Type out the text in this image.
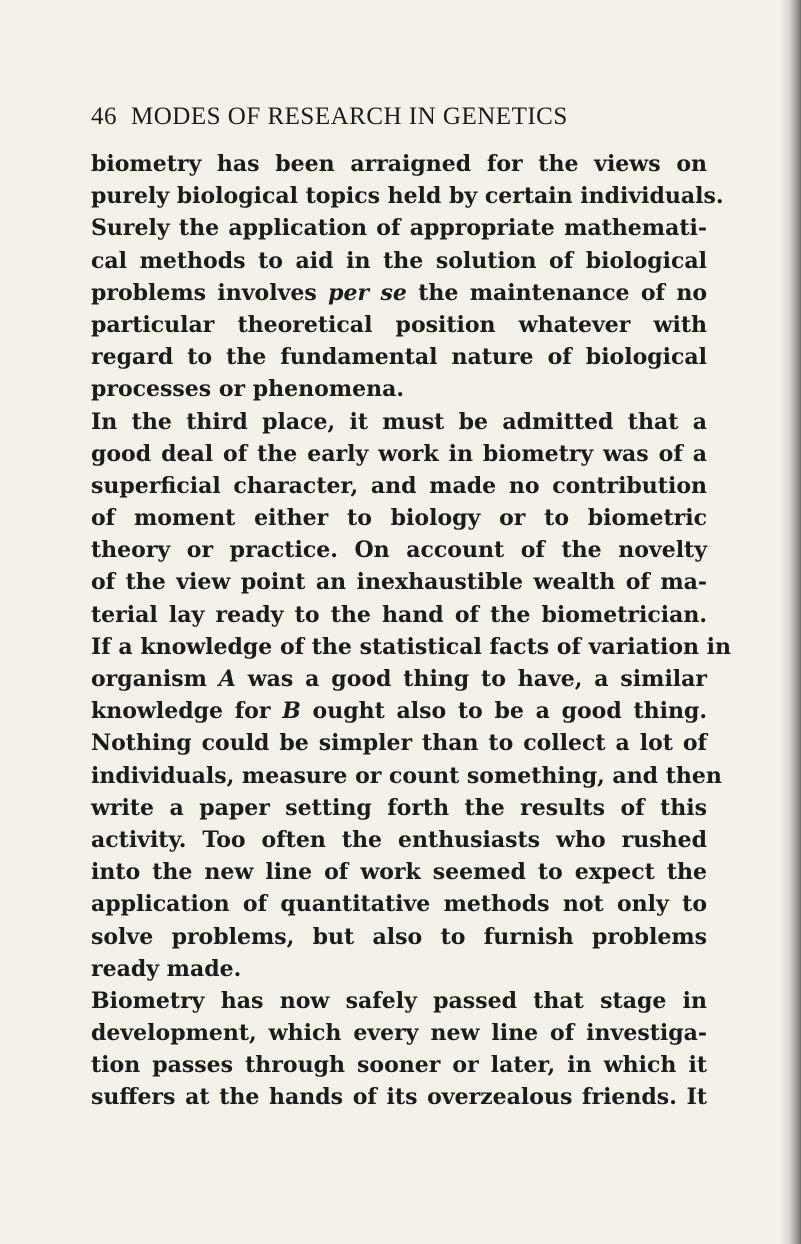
46 MODES OF RESEARCH IN GENETICS
biometry has been arraigned for the views on
purely biological topics held by certain individuals.
Surely the application of appropriate mathemati-
cal methods to aid in the solution of biological
problems involves per se the maintenance of no
particular theoretical position whatever with
regard to the fundamental nature of biological
processes or phenomena.
In the third place, it must be admitted that a
good deal of the early work in biometry was of a
superficial character, and made no contribution
of moment either to biology or to biometric
theory or practice. On account of the novelty
of the view point an inexhaustible wealth of ma-
terial lay ready to the hand of the biometrician.
If a knowledge of the statistical facts of variation in
organism A was a good thing to have, a similar
knowledge for B ought also to be a good thing.
Nothing could be simpler than to collect a lot of
individuals, measure or count something, and then
write a paper setting forth the results of this
activity. Too often the enthusiasts who rushed
into the new line of work seemed to expect the
application of quantitative methods not only to
solve problems, but also to furnish problems
ready made.
Biometry has now safely passed that stage in
development, which every new line of investiga-
tion passes through sooner or later, in which it
suffers at the hands of its overzealous friends. It
